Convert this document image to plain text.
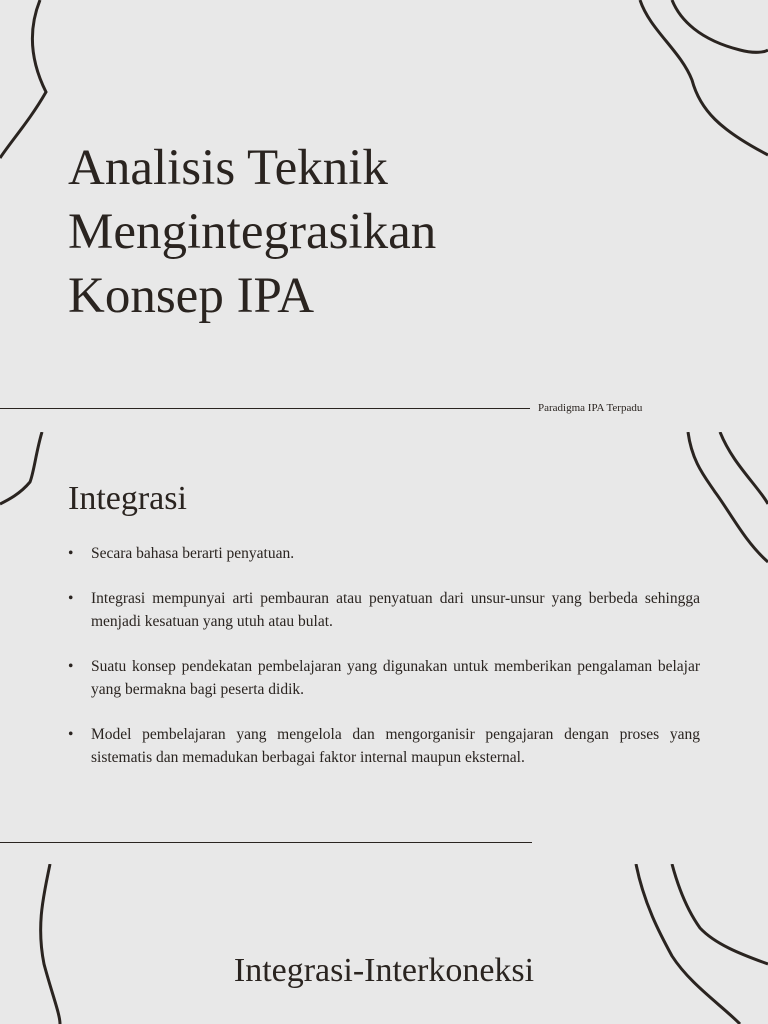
Analisis Teknik Mengintegrasikan Konsep IPA
Paradigma IPA Terpadu
Integrasi
• Secara bahasa berarti penyatuan.
• Integrasi mempunyai arti pembauran atau penyatuan dari unsur-unsur yang berbeda sehingga menjadi kesatuan yang utuh atau bulat.
• Suatu konsep pendekatan pembelajaran yang digunakan untuk memberikan pengalaman belajar yang bermakna bagi peserta didik.
• Model pembelajaran yang mengelola dan mengorganisir pengajaran dengan proses yang sistematis dan memadukan berbagai faktor internal maupun eksternal.
Integrasi-Interkoneksi
